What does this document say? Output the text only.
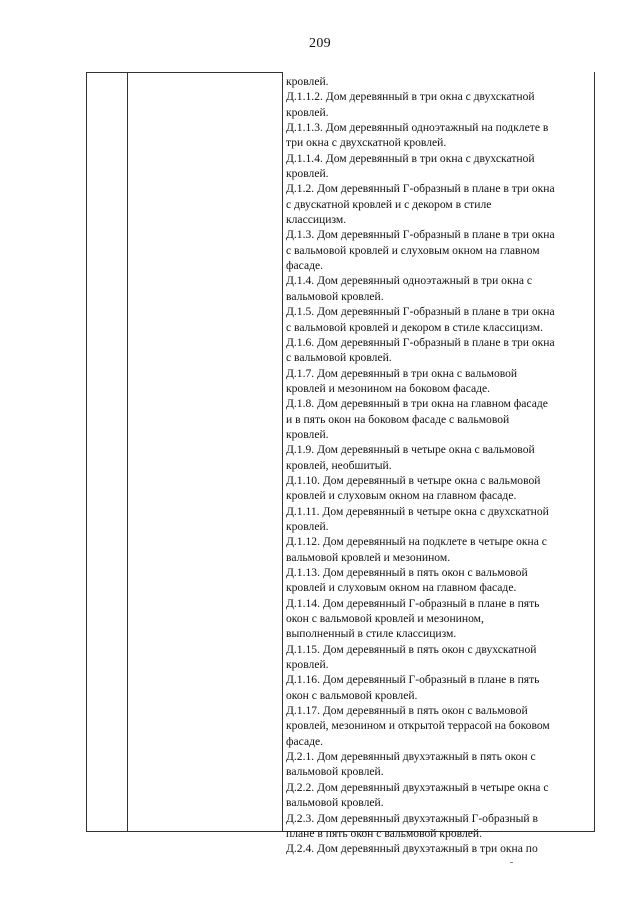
209
кровлей.
Д.1.1.2. Дом деревянный в три окна с двухскатной
кровлей.
Д.1.1.3. Дом деревянный одноэтажный на подклете в
три окна с двухскатной кровлей.
Д.1.1.4. Дом деревянный в три окна с двухскатной
кровлей.
Д.1.2. Дом деревянный Г-образный в плане в три окна
с двускатной кровлей и с декором в стиле
классицизм.
Д.1.3. Дом деревянный Г-образный в плане в три окна
с вальмовой кровлей и слуховым окном на главном
фасаде.
Д.1.4. Дом деревянный одноэтажный в три окна с
вальмовой кровлей.
Д.1.5. Дом деревянный Г-образный в плане в три окна
с вальмовой кровлей и декором в стиле классицизм.
Д.1.6. Дом деревянный Г-образный в плане в три окна
с вальмовой кровлей.
Д.1.7. Дом деревянный в три окна с вальмовой
кровлей и мезонином на боковом фасаде.
Д.1.8. Дом деревянный в три окна на главном фасаде
и в пять окон на боковом фасаде с вальмовой
кровлей.
Д.1.9. Дом деревянный в четыре окна с вальмовой
кровлей, необшитый.
Д.1.10. Дом деревянный в четыре окна с вальмовой
кровлей и слуховым окном на главном фасаде.
Д.1.11. Дом деревянный в четыре окна с двухскатной
кровлей.
Д.1.12. Дом деревянный на подклете в четыре окна с
вальмовой кровлей и мезонином.
Д.1.13. Дом деревянный в пять окон с вальмовой
кровлей и слуховым окном на главном фасаде.
Д.1.14. Дом деревянный Г-образный в плане в пять
окон с вальмовой кровлей и мезонином,
выполненный в стиле классицизм.
Д.1.15. Дом деревянный в пять окон с двухскатной
кровлей.
Д.1.16. Дом деревянный Г-образный в плане в пять
окон с вальмовой кровлей.
Д.1.17. Дом деревянный в пять окон с вальмовой
кровлей, мезонином и открытой террасой на боковом
фасаде.
Д.2.1. Дом деревянный двухэтажный в пять окон с
вальмовой кровлей.
Д.2.2. Дом деревянный двухэтажный в четыре окна с
вальмовой кровлей.
Д.2.3. Дом деревянный двухэтажный Г-образный в
плане в пять окон с вальмовой кровлей.
Д.2.4. Дом деревянный двухэтажный в три окна по
